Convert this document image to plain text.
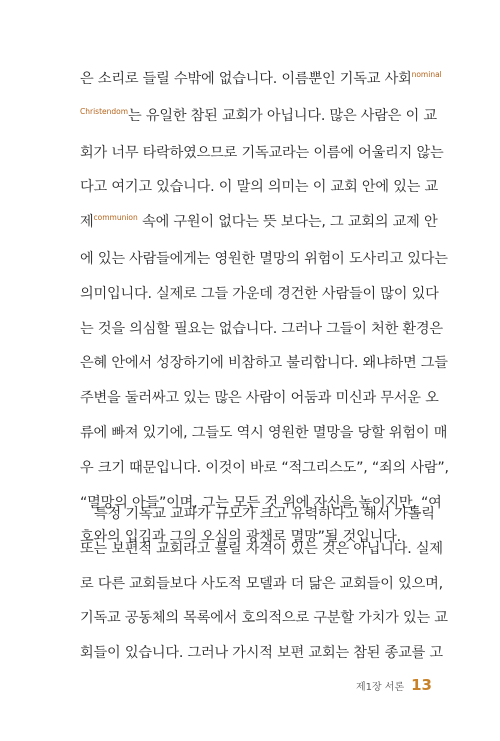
은 소리로 들릴 수밖에 없습니다. 이름뿐인 기독교 사회$^{nominal}$
$^{Christendom}$는 유일한 참된 교회가 아닙니다. 많은 사람은 이 교
회가 너무 타락하였으므로 기독교라는 이름에 어울리지 않는
다고 여기고 있습니다. 이 말의 의미는 이 교회 안에 있는 교
제$^{communion}$ 속에 구원이 없다는 뜻 보다는, 그 교회의 교제 안
에 있는 사람들에게는 영원한 멸망의 위험이 도사리고 있다는
의미입니다. 실제로 그들 가운데 경건한 사람들이 많이 있다
는 것을 의심할 필요는 없습니다. 그러나 그들이 처한 환경은
은혜 안에서 성장하기에 비참하고 불리합니다. 왜냐하면 그들
주변을 둘러싸고 있는 많은 사람이 어둠과 미신과 무서운 오
류에 빠져 있기에, 그들도 역시 영원한 멸망을 당할 위험이 매
우 크기 때문입니다. 이것이 바로 “적그리스도”, “죄의 사람”,
“멸망의 아들”이며, 그는 모든 것 위에 자신을 높이지만, “여
호와의 입김과 그의 오심의 광채로 멸망”될 것입니다.
특정 기독교 교파가 규모가 크고 유력하다고 해서 가톨릭
또는 보편적 교회라고 불릴 자격이 있는 것은 아닙니다. 실제
로 다른 교회들보다 사도적 모델과 더 닮은 교회들이 있으며,
기독교 공동체의 목록에서 호의적으로 구분할 가치가 있는 교
회들이 있습니다. 그러나 가시적 보편 교회는 참된 종교를 고
제1장 서론 13
